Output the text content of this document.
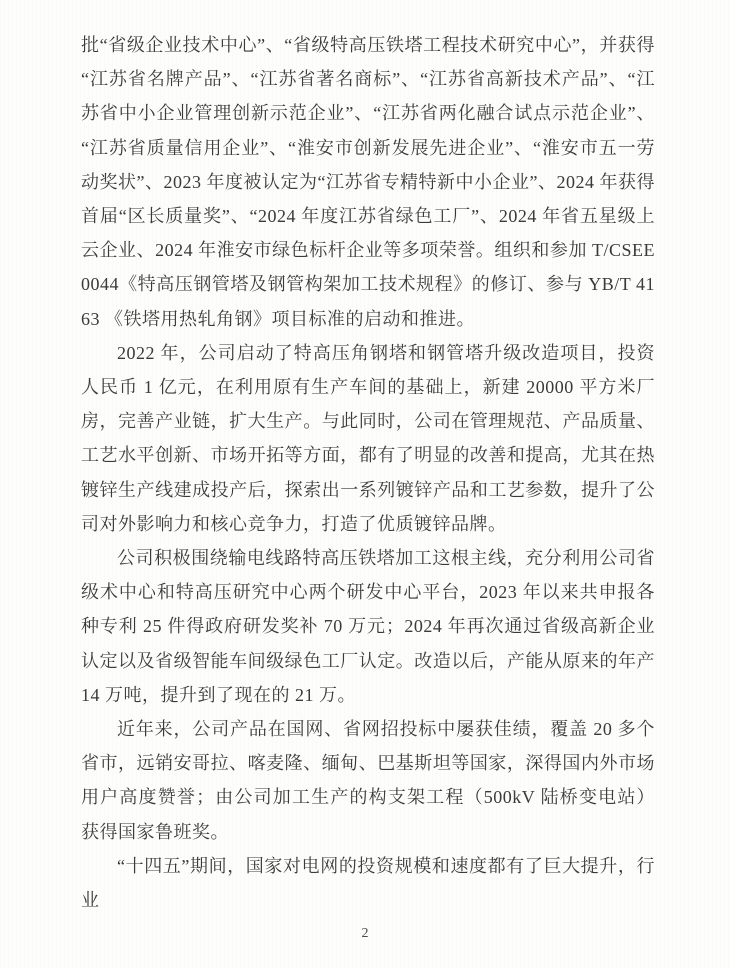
批“省级企业技术中心”、“省级特高压铁塔工程技术研究中心”，并获得“江苏省名牌产品”、“江苏省著名商标”、“江苏省高新技术产品”、“江苏省中小企业管理创新示范企业”、“江苏省两化融合试点示范企业”、“江苏省质量信用企业”、“淮安市创新发展先进企业”、“淮安市五一劳动奖状”、2023 年度被认定为“江苏省专精特新中小企业”、2024 年获得首届“区长质量奖”、“2024 年度江苏省绿色工厂”、2024 年省五星级上云企业、2024 年淮安市绿色标杆企业等多项荣誉。组织和参加 T/CSEE0044《特高压钢管塔及钢管构架加工技术规程》的修订、参与 YB/T 4163 《铁塔用热轧角钢》项目标准的启动和推进。

2022 年，公司启动了特高压角钢塔和钢管塔升级改造项目，投资人民币 1 亿元，在利用原有生产车间的基础上，新建 20000 平方米厂房，完善产业链，扩大生产。与此同时，公司在管理规范、产品质量、工艺水平创新、市场开拓等方面，都有了明显的改善和提高，尤其在热镀锌生产线建成投产后，探索出一系列镀锌产品和工艺参数，提升了公司对外影响力和核心竞争力，打造了优质镀锌品牌。

公司积极围绕输电线路特高压铁塔加工这根主线，充分利用公司省级术中心和特高压研究中心两个研发中心平台，2023 年以来共申报各种专利 25 件得政府研发奖补 70 万元；2024 年再次通过省级高新企业认定以及省级智能车间级绿色工厂认定。改造以后，产能从原来的年产 14 万吨，提升到了现在的 21 万。

近年来，公司产品在国网、省网招投标中屡获佳绩，覆盖 20 多个省市，远销安哥拉、喀麦隆、缅甸、巴基斯坦等国家，深得国内外市场用户高度赞誉；由公司加工生产的构支架工程（500kV 陆桥变电站）获得国家鲁班奖。

“十四五”期间，国家对电网的投资规模和速度都有了巨大提升，行业

2
